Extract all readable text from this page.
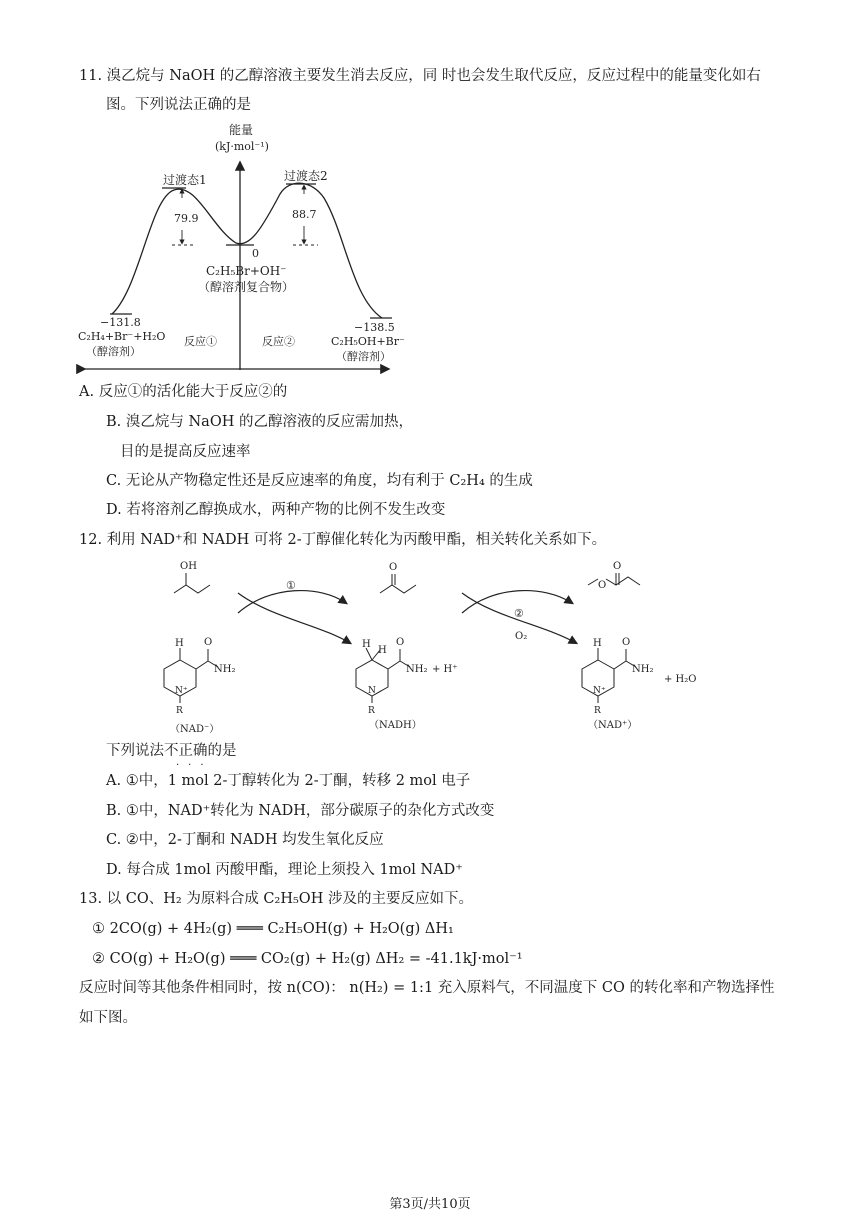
11. 溴乙烷与 NaOH 的乙醇溶液主要发生消去反应，同 时也会发生取代反应，反应过程中的能量变化如右
图。下列说法正确的是
能量
(kJ·mol⁻¹)
79.9
过渡态1
88.7
过渡态2
0
C₂H₅Br+OH⁻
（醇溶剂复合物）
−131.8
C₂H₄+Br⁻+H₂O
（醇溶剂）
−138.5
C₂H₅OH+Br⁻
（醇溶剂）
反应①	反应②
A. 反应①的活化能大于反应②的
B. 溴乙烷与 NaOH 的乙醇溶液的反应需加热，
目的是提高反应速率
C. 无论从产物稳定性还是反应速率的角度，均有利于 C₂H₄ 的生成
D. 若将溶剂乙醇换成水，两种产物的比例不发生改变
12. 利用 NAD⁺和 NADH 可将 2-丁醇催化转化为丙酸甲酯，相关转化关系如下。
OH
①
O
②
O₂
O
O
H O
NH₂
N⁺
R
（NAD⁻）
H
H
O
NH₂ + H⁺
N
R
（NADH）
H O
NH₂
+ H₂O
N⁺
R
（NAD⁺）
下列说法不正确的是
···
A. ①中，1 mol 2-丁醇转化为 2-丁酮，转移 2 mol 电子
B. ①中，NAD⁺转化为 NADH，部分碳原子的杂化方式改变
C. ②中，2-丁酮和 NADH 均发生氧化反应
D. 每合成 1mol 丙酸甲酯，理论上须投入 1mol NAD⁺
13. 以 CO、H₂ 为原料合成 C₂H₅OH 涉及的主要反应如下。
① 2CO(g) + 4H₂(g) ═══ C₂H₅OH(g) + H₂O(g) ΔH₁
② CO(g) + H₂O(g) ═══ CO₂(g) + H₂(g) ΔH₂ = -41.1kJ·mol⁻¹
反应时间等其他条件相同时，按 n(CO)： n(H₂) = 1:1 充入原料气，不同温度下 CO 的转化率和产物选择性
如下图。
第3页/共10页
